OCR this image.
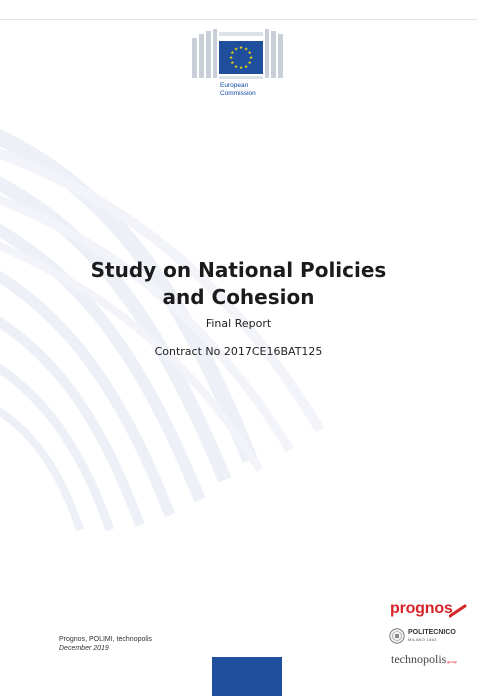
★ ★
★
★
★
★
★
★
★
★
★
★
European
Commission
Study on National Policies
and Cohesion
Final Report
Contract No 2017CE16BAT125
Prognos, POLIMI, technopolis
December 2019
prognos
POLITECNICO
MILANO 1863
technopolisgroup
